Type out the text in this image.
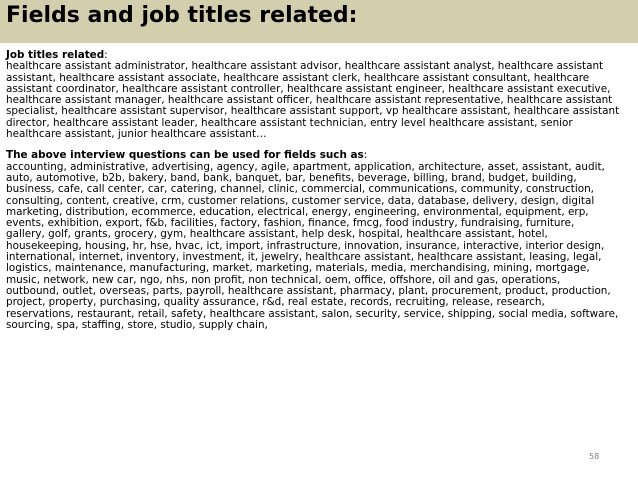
Fields and job titles related:

Job titles related:

healthcare assistant administrator, healthcare assistant advisor, healthcare assistant analyst, healthcare assistant
assistant, healthcare assistant associate, healthcare assistant clerk, healthcare assistant consultant, healthcare
assistant coordinator, healthcare assistant controller, healthcare assistant engineer, healthcare assistant executive,
healthcare assistant manager, healthcare assistant officer, healthcare assistant representative, healthcare assistant
specialist, healthcare assistant supervisor, healthcare assistant support, vp healthcare assistant, healthcare assistant
director, healthcare assistant leader, healthcare assistant technician, entry level healthcare assistant, senior
healthcare assistant, junior healthcare assistant…

The above interview questions can be used for fields such as:

accounting, administrative, advertising, agency, agile, apartment, application, architecture, asset, assistant, audit,
auto, automotive, b2b, bakery, band, bank, banquet, bar, benefits, beverage, billing, brand, budget, building,
business, cafe, call center, car, catering, channel, clinic, commercial, communications, community, construction,
consulting, content, creative, crm, customer relations, customer service, data, database, delivery, design, digital
marketing, distribution, ecommerce, education, electrical, energy, engineering, environmental, equipment, erp,
events, exhibition, export, f&b, facilities, factory, fashion, finance, fmcg, food industry, fundraising, furniture,
gallery, golf, grants, grocery, gym, healthcare assistant, help desk, hospital, healthcare assistant, hotel,
housekeeping, housing, hr, hse, hvac, ict, import, infrastructure, innovation, insurance, interactive, interior design,
international, internet, inventory, investment, it, jewelry, healthcare assistant, healthcare assistant, leasing, legal,
logistics, maintenance, manufacturing, market, marketing, materials, media, merchandising, mining, mortgage,
music, network, new car, ngo, nhs, non profit, non technical, oem, office, offshore, oil and gas, operations,
outbound, outlet, overseas, parts, payroll, healthcare assistant, pharmacy, plant, procurement, product, production,
project, property, purchasing, quality assurance, r&d, real estate, records, recruiting, release, research,
reservations, restaurant, retail, safety, healthcare assistant, salon, security, service, shipping, social media, software,
sourcing, spa, staffing, store, studio, supply chain,

58
